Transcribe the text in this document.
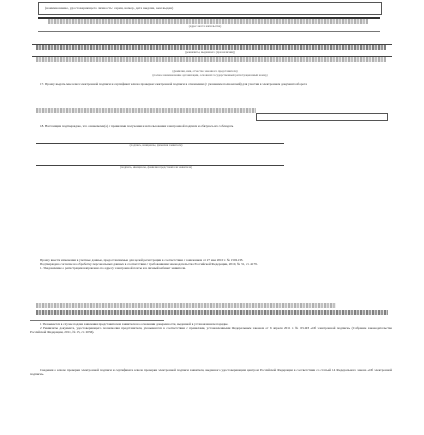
(наименование, удостоверяющего личность: серия, номер, дата выдачи, кем выдан)
(адрес места жительства)
(реквизиты, выдавшего (при наличии))
(фамилия, имя, отчество законного представителя)
(полное наименование организации, основной государственный регистрационный номер)

17. Прошу выдать мне ключ электронной подписи и сертификат ключа проверки электронной подписи в отношении (с указанием полномочий) для участия в электронном документообороте

18. Настоящим подтверждаю, что ознакомлен(а) с правилами получения и использования электронной подписи и обязуюсь их соблюдать

(подпись, инициалы, фамилия заявителя)
(подпись, инициалы, фамилия представителя заявителя)

Прошу внести изменения в учетные данные, предоставляемые для целей регистрации в соответствии с заявлением от 27 мая 2010 г. № 1502-ПЗ.

Подтверждаю согласие на обработку персональных данных в соответствии с требованиями законодательства Российской Федерации, 2010, № 31, ст. 4179.

1. Уведомление о регистрации направлено по адресу электронной почты и в личный кабинет заявителя.

1 Указывается в случае подачи заявления представителем заявителя на основании доверенности, выданной в установленном порядке.

2 Реквизиты документа, удостоверяющего полномочия представителя, указываются в соответствии с правилами, установленными Федеральным законом от 6 апреля 2011 г. № 63-ФЗ «Об электронной подписи» (Собрание законодательства Российской Федерации, 2011, № 15, ст. 2036).

Сведения о ключе проверки электронной подписи и сертификате ключа проверки электронной подписи заявителя, выданного удостоверяющим центром Российской Федерации в соответствии со статьей 14 Федерального закона «Об электронной подписи».
